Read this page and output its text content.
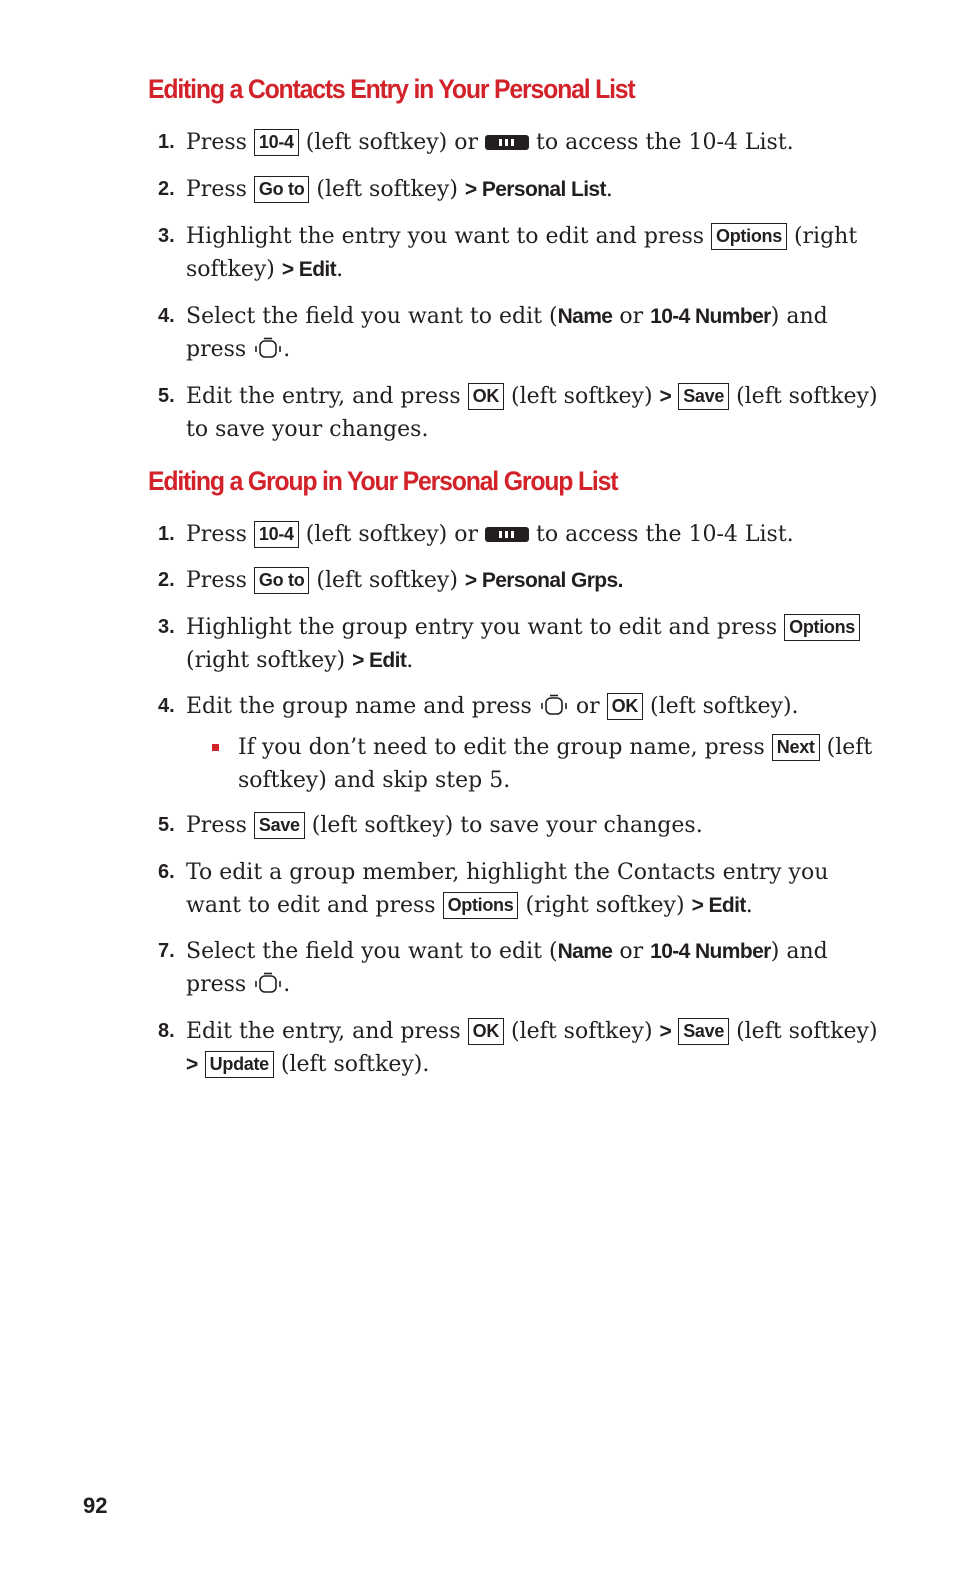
Editing a Contacts Entry in Your Personal List
1. Press 10-4 (left softkey) or	to access the 10-4 List.
2. Press Go to (left softkey) > Personal List.
3. Highlight the entry you want to edit and press Options (right
softkey) > Edit.
4. Select the field you want to edit (Name or 10-4 Number) and
press .
5. Edit the entry, and press OK (left softkey) > Save (left softkey)
to save your changes.
Editing a Group in Your Personal Group List
1. Press 10-4 (left softkey) or	to access the 10-4 List.
2. Press Go to (left softkey) > Personal Grps.
3. Highlight the group entry you want to edit and press Options
(right softkey) > Edit.
4. Edit the group name and press or OK (left softkey).
If you don’t need to edit the group name, press Next (left
softkey) and skip step 5.
5. Press Save (left softkey) to save your changes.
6. To edit a group member, highlight the Contacts entry you
want to edit and press Options (right softkey) > Edit.
7. Select the field you want to edit (Name or 10-4 Number) and
press .
8. Edit the entry, and press OK (left softkey) > Save (left softkey)
> Update (left softkey).
92
